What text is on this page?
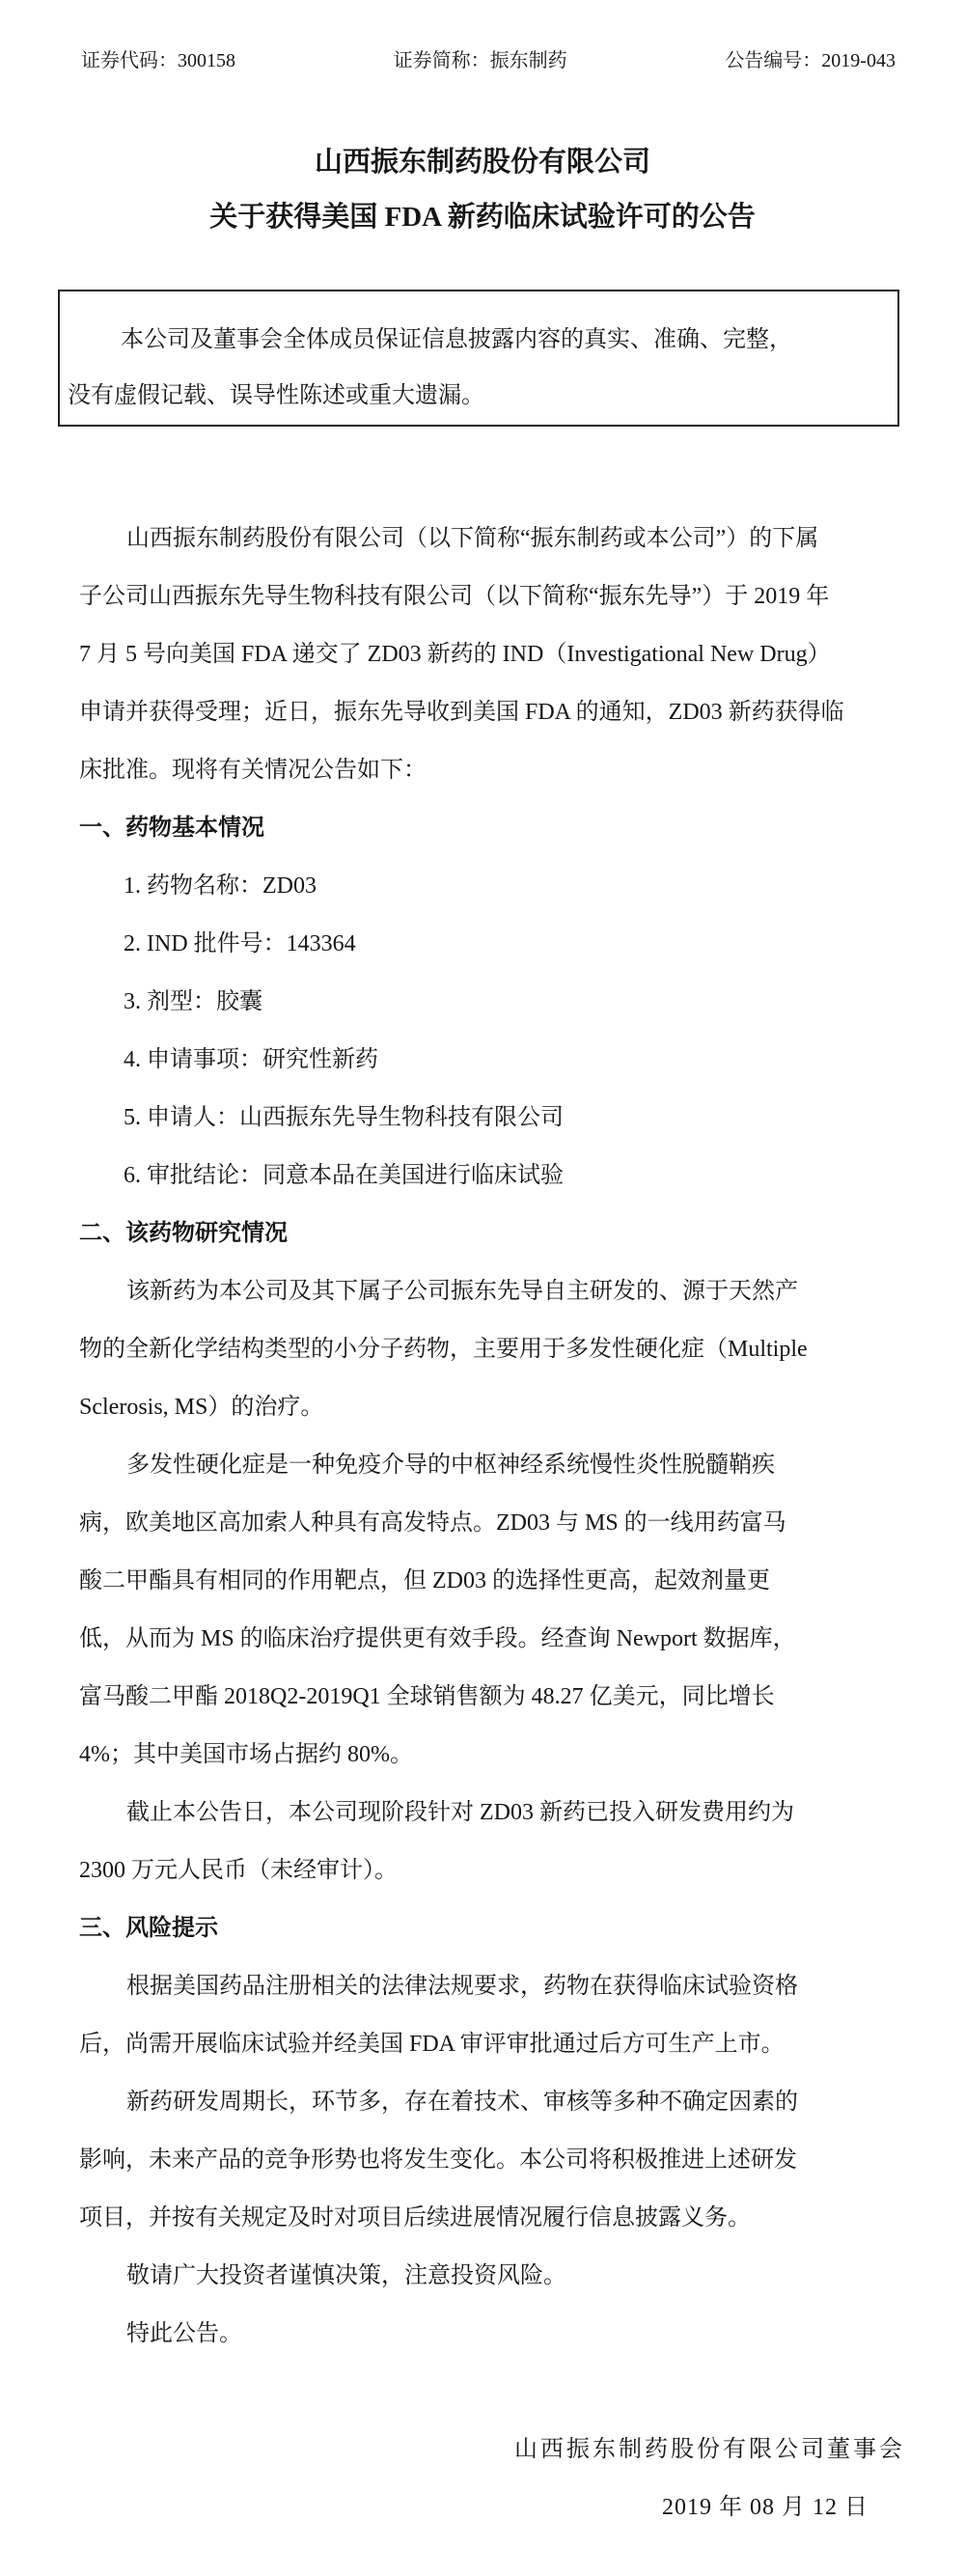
证券代码：300158	证券简称：振东制药	公告编号：2019-043
山西振东制药股份有限公司
关于获得美国 FDA 新药临床试验许可的公告
本公司及董事会全体成员保证信息披露内容的真实、准确、完整，
没有虚假记载、误导性陈述或重大遗漏。
山西振东制药股份有限公司（以下简称“振东制药或本公司”）的下属
子公司山西振东先导生物科技有限公司（以下简称“振东先导”）于 2019 年
7 月 5 号向美国 FDA 递交了 ZD03 新药的 IND（Investigational New Drug）
申请并获得受理；近日，振东先导收到美国 FDA 的通知，ZD03 新药获得临
床批准。现将有关情况公告如下：
一、药物基本情况
1. 药物名称：ZD03
2. IND 批件号：143364
3. 剂型：胶囊
4. 申请事项：研究性新药
5. 申请人：山西振东先导生物科技有限公司
6. 审批结论：同意本品在美国进行临床试验
二、该药物研究情况
该新药为本公司及其下属子公司振东先导自主研发的、源于天然产
物的全新化学结构类型的小分子药物，主要用于多发性硬化症（Multiple
Sclerosis, MS）的治疗。
多发性硬化症是一种免疫介导的中枢神经系统慢性炎性脱髓鞘疾
病，欧美地区高加索人种具有高发特点。ZD03 与 MS 的一线用药富马
酸二甲酯具有相同的作用靶点，但 ZD03 的选择性更高，起效剂量更
低，从而为 MS 的临床治疗提供更有效手段。经查询 Newport 数据库，
富马酸二甲酯 2018Q2-2019Q1 全球销售额为 48.27 亿美元，同比增长
4%；其中美国市场占据约 80%。
截止本公告日，本公司现阶段针对 ZD03 新药已投入研发费用约为
2300 万元人民币（未经审计）。
三、风险提示
根据美国药品注册相关的法律法规要求，药物在获得临床试验资格
后，尚需开展临床试验并经美国 FDA 审评审批通过后方可生产上市。
新药研发周期长，环节多，存在着技术、审核等多种不确定因素的
影响，未来产品的竞争形势也将发生变化。本公司将积极推进上述研发
项目，并按有关规定及时对项目后续进展情况履行信息披露义务。
敬请广大投资者谨慎决策，注意投资风险。
特此公告。
山西振东制药股份有限公司董事会
2019 年 08 月 12 日
